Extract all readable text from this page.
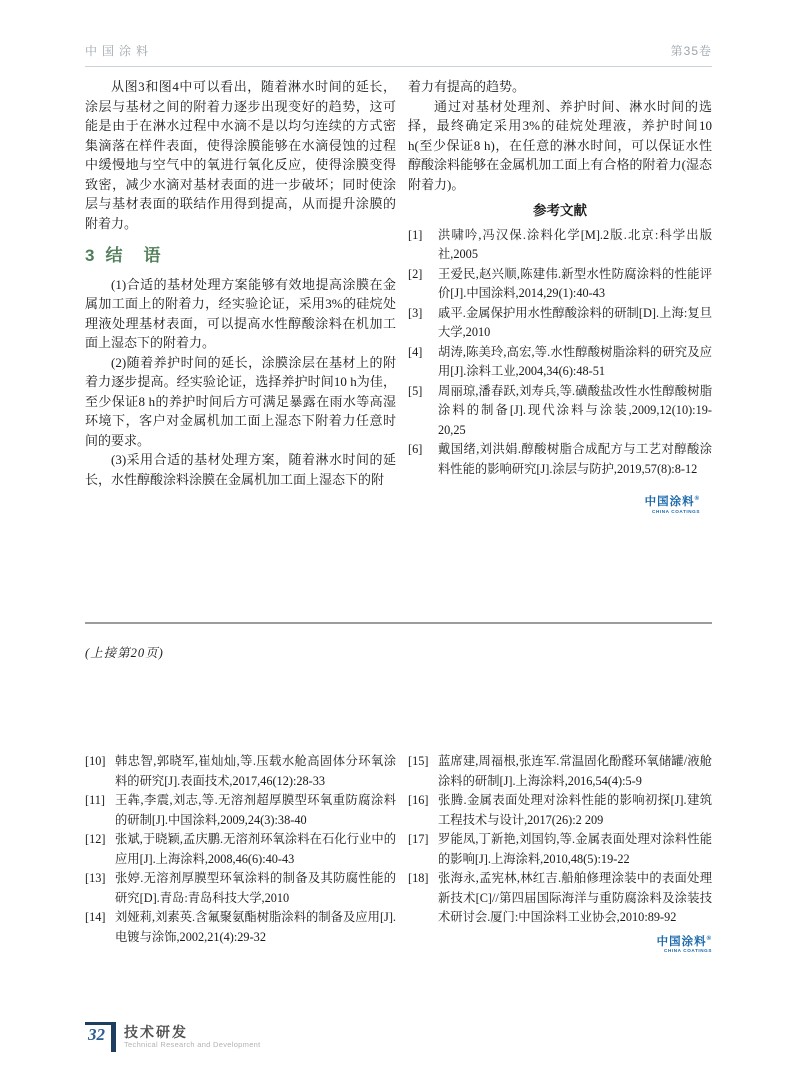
中国涂料	第35卷

从图3和图4中可以看出，随着淋水时间的延长，涂层与基材之间的附着力逐步出现变好的趋势，这可能是由于在淋水过程中水滴不是以均匀连续的方式密集滴落在样件表面，使得涂膜能够在水滴侵蚀的过程中缓慢地与空气中的氧进行氧化反应，使得涂膜变得致密，减少水滴对基材表面的进一步破坏；同时使涂层与基材表面的联结作用得到提高，从而提升涂膜的附着力。

3 结　语

(1)合适的基材处理方案能够有效地提高涂膜在金属加工面上的附着力，经实验论证，采用3%的硅烷处理液处理基材表面，可以提高水性醇酸涂料在机加工面上湿态下的附着力。

(2)随着养护时间的延长，涂膜涂层在基材上的附着力逐步提高。经实验论证，选择养护时间10 h为佳，至少保证8 h的养护时间后方可满足暴露在雨水等高湿环境下，客户对金属机加工面上湿态下附着力任意时间的要求。

(3)采用合适的基材处理方案，随着淋水时间的延长，水性醇酸涂料涂膜在金属机加工面上湿态下的附

着力有提高的趋势。

通过对基材处理剂、养护时间、淋水时间的选择，最终确定采用3%的硅烷处理液，养护时间10 h(至少保证8 h)，在任意的淋水时间，可以保证水性醇酸涂料能够在金属机加工面上有合格的附着力(湿态附着力)。

参考文献
[1]	洪啸吟,冯汉保.涂料化学[M].2版.北京:科学出版社,2005
[2]	王爱民,赵兴顺,陈建伟.新型水性防腐涂料的性能评价[J].中国涂料,2014,29(1):40-43
[3]	戚平.金属保护用水性醇酸涂料的研制[D].上海:复旦大学,2010
[4]	胡涛,陈美玲,高宏,等.水性醇酸树脂涂料的研究及应用[J].涂料工业,2004,34(6):48-51
[5]	周丽琼,潘春跃,刘寿兵,等.磺酸盐改性水性醇酸树脂涂料的制备[J].现代涂料与涂装,2009,12(10):19-20,25
[6]	戴国绪,刘洪娟.醇酸树脂合成配方与工艺对醇酸涂料性能的影响研究[J].涂层与防护,2019,57(8):8-12
中国涂料®
CHINA COATINGS
(上接第20页)
[10] 韩忠智,郭晓军,崔灿灿,等.压载水舱高固体分环氧涂料的研究[J].表面技术,2017,46(12):28-33
[11] 王犇,李震,刘志,等.无溶剂超厚膜型环氧重防腐涂料的研制[J].中国涂料,2009,24(3):38-40
[12] 张斌,于晓颖,孟庆鹏.无溶剂环氧涂料在石化行业中的应用[J].上海涂料,2008,46(6):40-43
[13] 张婷.无溶剂厚膜型环氧涂料的制备及其防腐性能的研究[D].青岛:青岛科技大学,2010
[14] 刘娅莉,刘素英.含氟聚氨酯树脂涂料的制备及应用[J].电镀与涂饰,2002,21(4):29-32
[15] 蓝席建,周福根,张连军.常温固化酚醛环氧储罐/液舱涂料的研制[J].上海涂料,2016,54(4):5-9
[16] 张腾.金属表面处理对涂料性能的影响初探[J].建筑工程技术与设计,2017(26):2 209
[17] 罗能凤,丁新艳,刘国钧,等.金属表面处理对涂料性能的影响[J].上海涂料,2010,48(5):19-22
[18] 张海永,孟宪林,林红吉.船舶修理涂装中的表面处理新技术[C]//第四届国际海洋与重防腐涂料及涂装技术研讨会.厦门:中国涂料工业协会,2010:89-92
中国涂料®
CHINA COATINGS
32	技术研发
Technical Research and Development
